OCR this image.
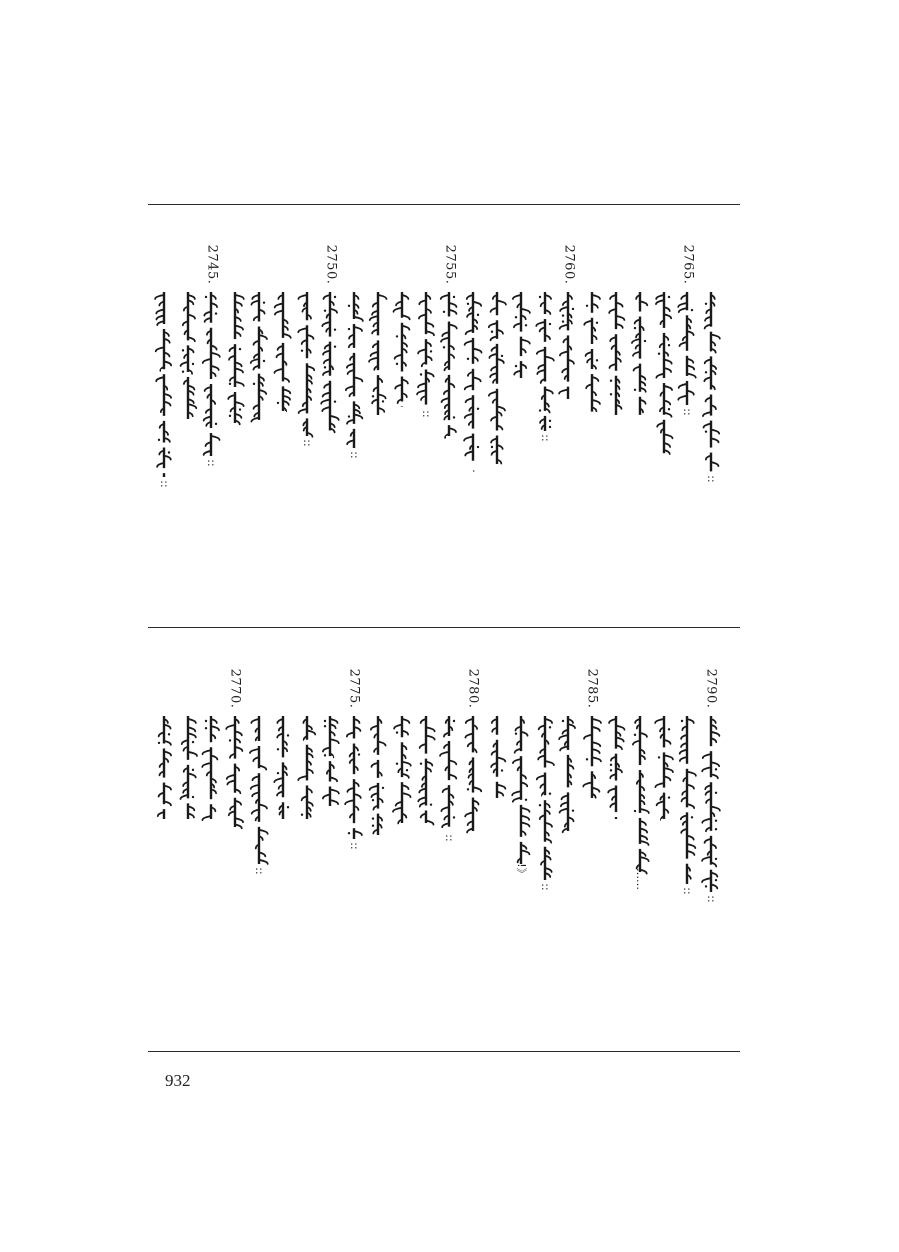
::
2765.
::
2760.
::
·
2755.
::
::
2750.
::
2745.
::
::
2790.
::
::
……
2785.
::
!》
2780.
::
2775.
::
::
2770.
932
